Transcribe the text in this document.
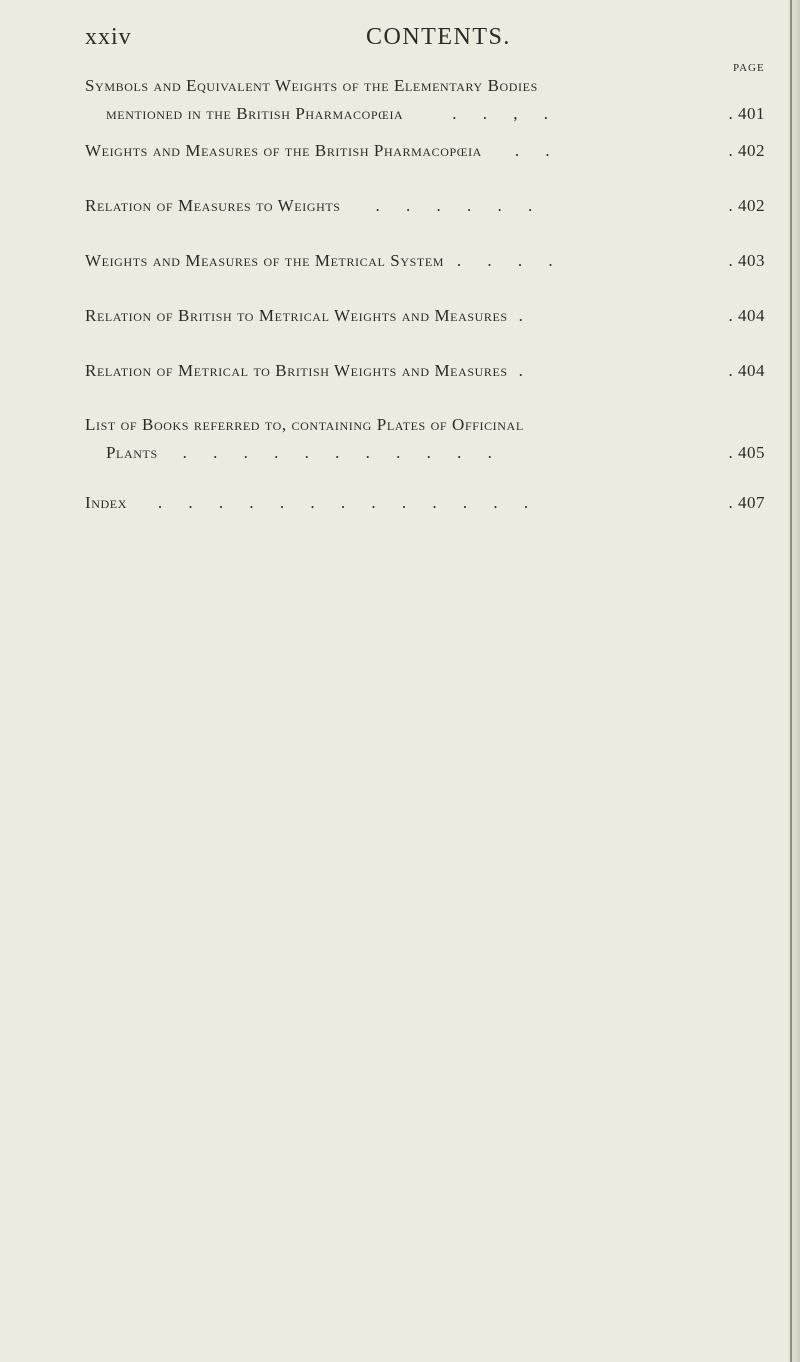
xxiv	CONTENTS.
PAGE
Symbols and Equivalent Weights of the Elementary Bodies
mentioned in the British Pharmacopœia	. . , .	. 401
Weights and Measures of the British Pharmacopœia . .	. 402
Relation of Measures to Weights . . . . . .	. 402
Weights and Measures of the Metrical System . . . .	. 403
Relation of British to Metrical Weights and Measures .	. 404
Relation of Metrical to British Weights and Measures .	. 404
List of Books referred to, containing Plates of Officinal
Plants . . . . . . . . . . .	. 405
Index . . . . . . . . . . . . .	. 407
